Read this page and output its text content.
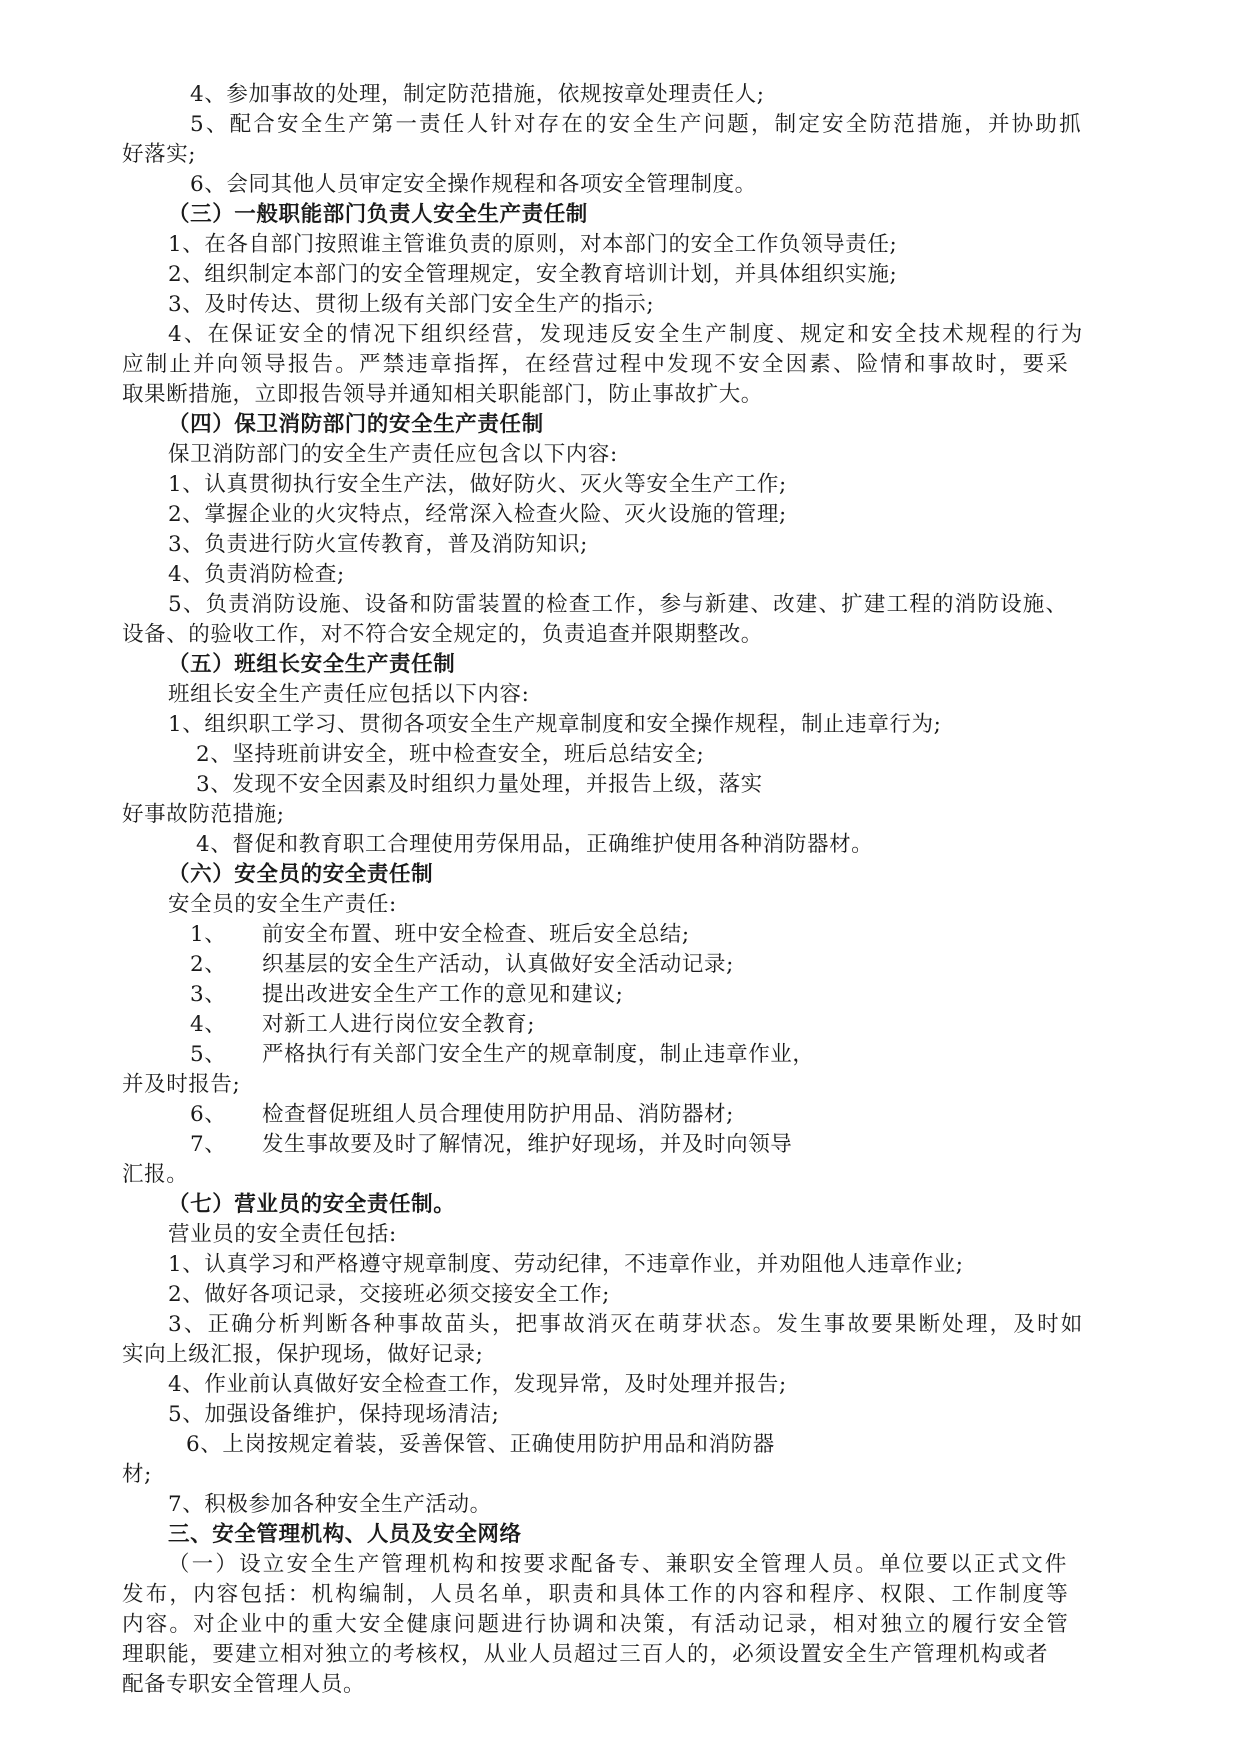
4、参加事故的处理，制定防范措施，依规按章处理责任人;
5、配合安全生产第一责任人针对存在的安全生产问题，制定安全防范措施，并协助抓
好落实;
6、会同其他人员审定安全操作规程和各项安全管理制度。
（三）一般职能部门负责人安全生产责任制
1、在各自部门按照谁主管谁负责的原则，对本部门的安全工作负领导责任;
2、组织制定本部门的安全管理规定，安全教育培训计划，并具体组织实施;
3、及时传达、贯彻上级有关部门安全生产的指示;
4、在保证安全的情况下组织经营，发现违反安全生产制度、规定和安全技术规程的行为
应制止并向领导报告。严禁违章指挥，在经营过程中发现不安全因素、险情和事故时，要采
取果断措施，立即报告领导并通知相关职能部门，防止事故扩大。
（四）保卫消防部门的安全生产责任制
保卫消防部门的安全生产责任应包含以下内容:
1、认真贯彻执行安全生产法，做好防火、灭火等安全生产工作;
2、掌握企业的火灾特点，经常深入检查火险、灭火设施的管理;
3、负责进行防火宣传教育，普及消防知识;
4、负责消防检查;
5、负责消防设施、设备和防雷装置的检查工作，参与新建、改建、扩建工程的消防设施、
设备、的验收工作，对不符合安全规定的，负责追查并限期整改。
（五）班组长安全生产责任制
班组长安全生产责任应包括以下内容:
1、组织职工学习、贯彻各项安全生产规章制度和安全操作规程，制止违章行为;
2、坚持班前讲安全，班中检查安全，班后总结安全;
3、发现不安全因素及时组织力量处理，并报告上级，落实
好事故防范措施;
4、督促和教育职工合理使用劳保用品，正确维护使用各种消防器材。
（六）安全员的安全责任制
安全员的安全生产责任:
1、	前安全布置、班中安全检查、班后安全总结;
2、	织基层的安全生产活动，认真做好安全活动记录;
3、	提出改进安全生产工作的意见和建议;
4、	对新工人进行岗位安全教育;
5、	严格执行有关部门安全生产的规章制度，制止违章作业，
并及时报告;
6、	检查督促班组人员合理使用防护用品、消防器材;
7、	发生事故要及时了解情况，维护好现场，并及时向领导
汇报。
（七）营业员的安全责任制。
营业员的安全责任包括:
1、认真学习和严格遵守规章制度、劳动纪律，不违章作业，并劝阻他人违章作业;
2、做好各项记录，交接班必须交接安全工作;
3、正确分析判断各种事故苗头，把事故消灭在萌芽状态。发生事故要果断处理，及时如
实向上级汇报，保护现场，做好记录;
4、作业前认真做好安全检查工作，发现异常，及时处理并报告;
5、加强设备维护，保持现场清洁;
6、上岗按规定着装，妥善保管、正确使用防护用品和消防器
材;
7、积极参加各种安全生产活动。
三、安全管理机构、人员及安全网络
（一）设立安全生产管理机构和按要求配备专、兼职安全管理人员。单位要以正式文件
发布，内容包括：机构编制，人员名单，职责和具体工作的内容和程序、权限、工作制度等
内容。对企业中的重大安全健康问题进行协调和决策，有活动记录，相对独立的履行安全管
理职能，要建立相对独立的考核权，从业人员超过三百人的，必须设置安全生产管理机构或者
配备专职安全管理人员。
